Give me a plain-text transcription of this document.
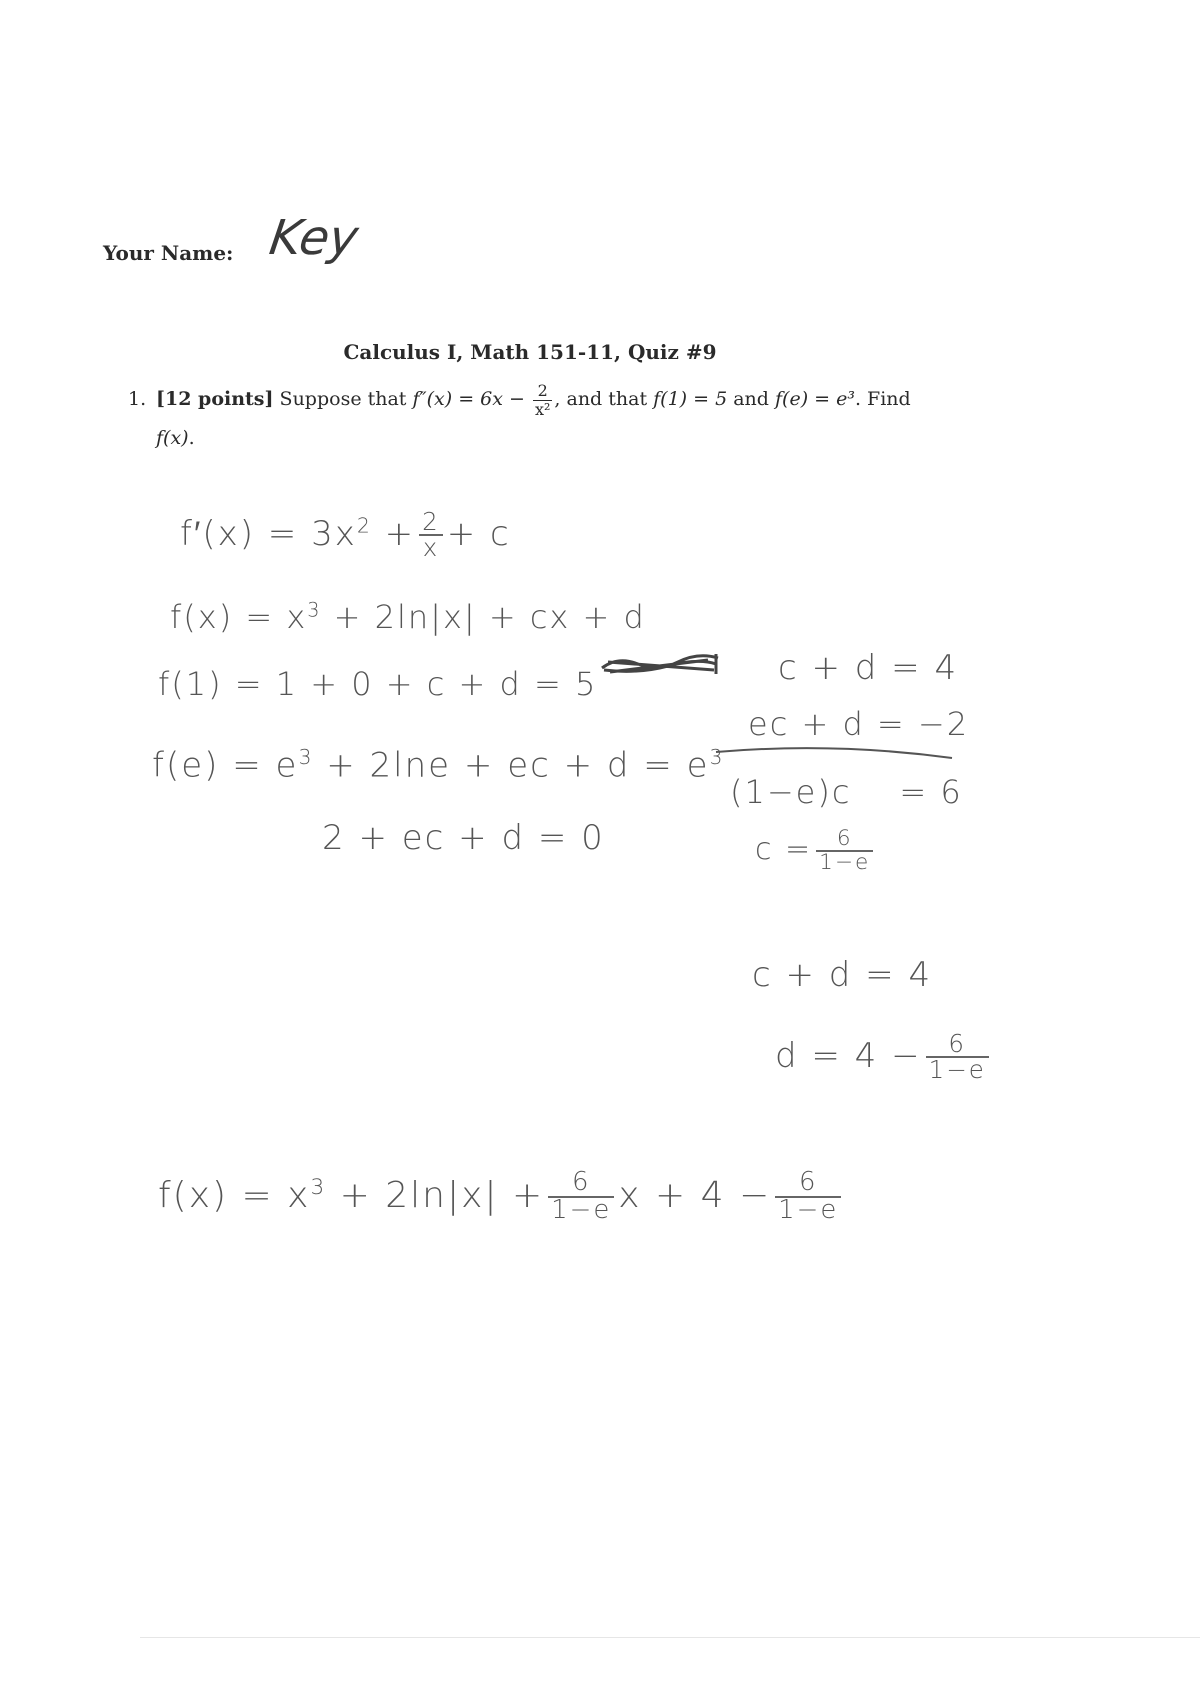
Your Name: Key
Calculus I, Math 151-11, Quiz #9
1. [12 points] Suppose that $f''(x) = 6x - \frac{2}{\text{x²}}$ , and that f(1) = 5 and f(e) = e³. Find
f(x).
$f'(x) = 3x^2 + \frac{2}{x} + c$
$f(x) = x^3 + 2\ln|x|$ + cx + d
f(1) = 1 + 0 + c + d = 5
$f(e) = e^3 + 2\ln e$ + ec + $d = e^3$
2 + ec + d = 0
c + d = 4
ec + d = −2
(1−e)c = 6
$c = \frac{6}{1-e}$
c + d = 4
$d = 4 - \frac{6}{1-e}$
$f(x) = x^3 + 2\ln|x| + \frac{6}{1-e}$ $x + 4 - \frac{6}{1-e}$
